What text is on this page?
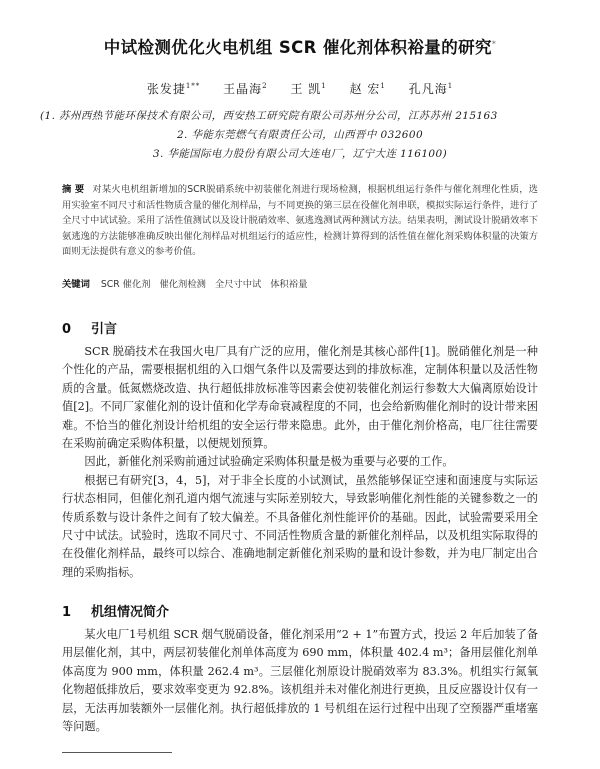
中试检测优化火电机组 SCR 催化剂体积裕量的研究*
张发捷$^{1**}$ 王晶海$^2$ 王 凯$^1$ 赵 宏$^1$ 孔凡海$^1$
(1. 苏州西热节能环保技术有限公司，西安热工研究院有限公司苏州分公司，江苏苏州 215163
2. 华能东莞燃气有限责任公司，山西晋中 032600
3. 华能国际电力股份有限公司大连电厂，辽宁大连 116100)
摘 要 对某火电机组新增加的SCR脱硝系统中初装催化剂进行现场检测，根据机组运行条件与催化剂理化性质，选用实验室不同尺寸和活性物质含量的催化剂样品，与不同更换的第三层在役催化剂串联，模拟实际运行条件，进行了全尺寸中试试验。采用了活性值测试以及设计脱硝效率、氨逃逸测试两种测试方法。结果表明，测试设计脱硝效率下氨逃逸的方法能够准确反映出催化剂样品对机组运行的适应性，检测计算得到的活性值在催化剂采购体积量的决策方面则无法提供有意义的参考价值。
关键词 SCR 催化剂 催化剂检测 全尺寸中试 体积裕量
0 引言

SCR 脱硝技术在我国火电厂具有广泛的应用，催化剂是其核心部件[1]。脱硝催化剂是一种个性化的产品，需要根据机组的入口烟气条件以及需要达到的排放标准，定制体积量以及活性物质的含量。低氮燃烧改造、执行超低排放标准等因素会使初装催化剂运行参数大大偏离原始设计值[2]。不同厂家催化剂的设计值和化学寿命衰减程度的不同，也会给新购催化剂时的设计带来困难。不恰当的催化剂设计给机组的安全运行带来隐患。此外，由于催化剂价格高，电厂往往需要在采购前确定采购体积量，以便规划预算。

因此，新催化剂采购前通过试验确定采购体积量是极为重要与必要的工作。

根据已有研究[3，4，5]，对于非全长度的小试测试，虽然能够保证空速和面速度与实际运行状态相同，但催化剂孔道内烟气流速与实际差别较大，导致影响催化剂性能的关键参数之一的传质系数与设计条件之间有了较大偏差。不具备催化剂性能评价的基础。因此，试验需要采用全尺寸中试法。试验时，选取不同尺寸、不同活性物质含量的新催化剂样品，以及机组实际取得的在役催化剂样品，最终可以综合、准确地制定新催化剂采购的量和设计参数，并为电厂制定出合理的采购指标。

1 机组情况简介

某火电厂1号机组 SCR 烟气脱硝设备，催化剂采用“2 + 1”布置方式，投运 2 年后加装了备用层催化剂，其中，两层初装催化剂单体高度为 690 mm，体积量 402.4 m³；备用层催化剂单体高度为 900 mm，体积量 262.4 m³。三层催化剂原设计脱硝效率为 83.3%。机组实行氮氧化物超低排放后，要求效率变更为 92.8%。该机组并未对催化剂进行更换，且反应器设计仅有一层，无法再加装额外一层催化剂。执行超低排放的 1 号机组在运行过程中出现了空预器严重堵塞等问题。
